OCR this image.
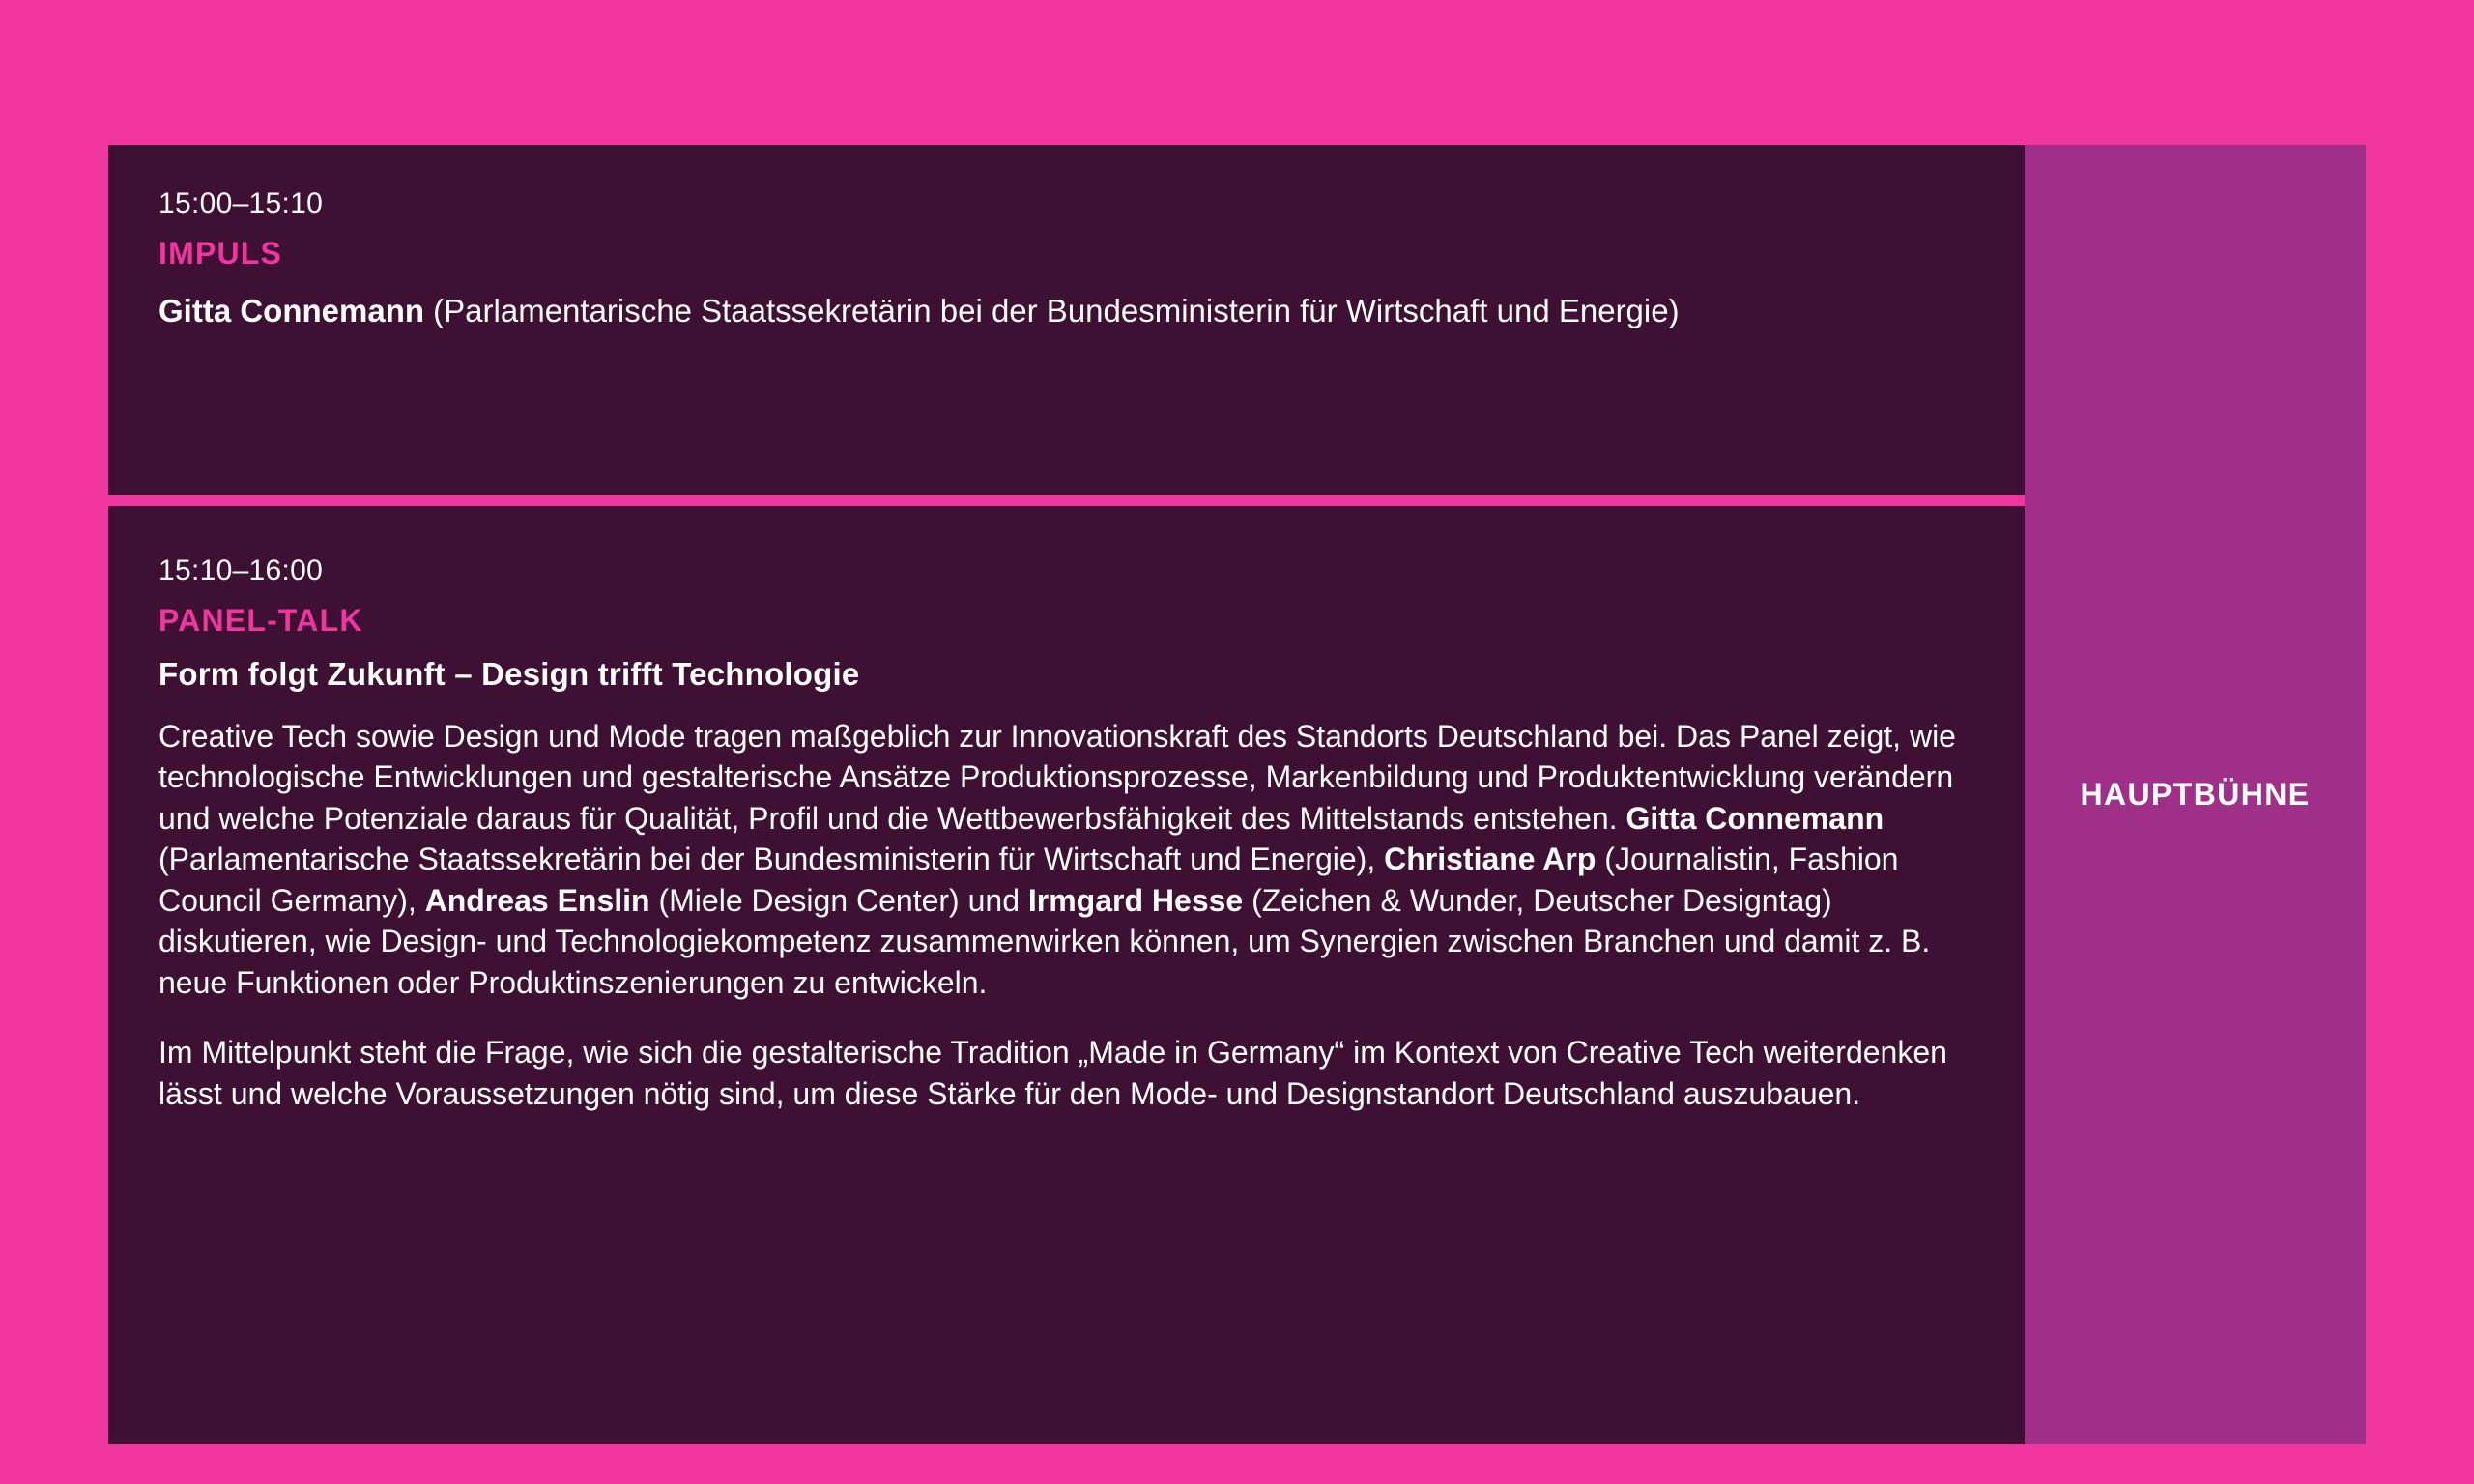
15:00–15:10
IMPULS
Gitta Connemann (Parlamentarische Staatssekretärin bei der Bundesministerin für Wirtschaft und Energie)
15:10–16:00
PANEL-TALK
Form folgt Zukunft – Design trifft Technologie

Creative Tech sowie Design und Mode tragen maßgeblich zur Innovationskraft des Standorts Deutschland bei. Das Panel zeigt, wie technologische Entwicklungen und gestalterische Ansätze Produktionsprozesse, Markenbildung und Produktentwicklung verändern und welche Potenziale daraus für Qualität, Profil und die Wettbewerbsfähigkeit des Mittelstands entstehen. Gitta Connemann (Parlamentarische Staatssekretärin bei der Bundesministerin für Wirtschaft und Energie), Christiane Arp (Journalistin, Fashion Council Germany), Andreas Enslin (Miele Design Center) und Irmgard Hesse (Zeichen & Wunder, Deutscher Designtag) diskutieren, wie Design- und Technologiekompetenz zusammenwirken können, um Synergien zwischen Branchen und damit z. B. neue Funktionen oder Produktinszenierungen zu entwickeln.

Im Mittelpunkt steht die Frage, wie sich die gestalterische Tradition „Made in Germany“ im Kontext von Creative Tech weiterdenken lässt und welche Voraussetzungen nötig sind, um diese Stärke für den Mode- und Designstandort Deutschland auszubauen.

HAUPTBÜHNE
